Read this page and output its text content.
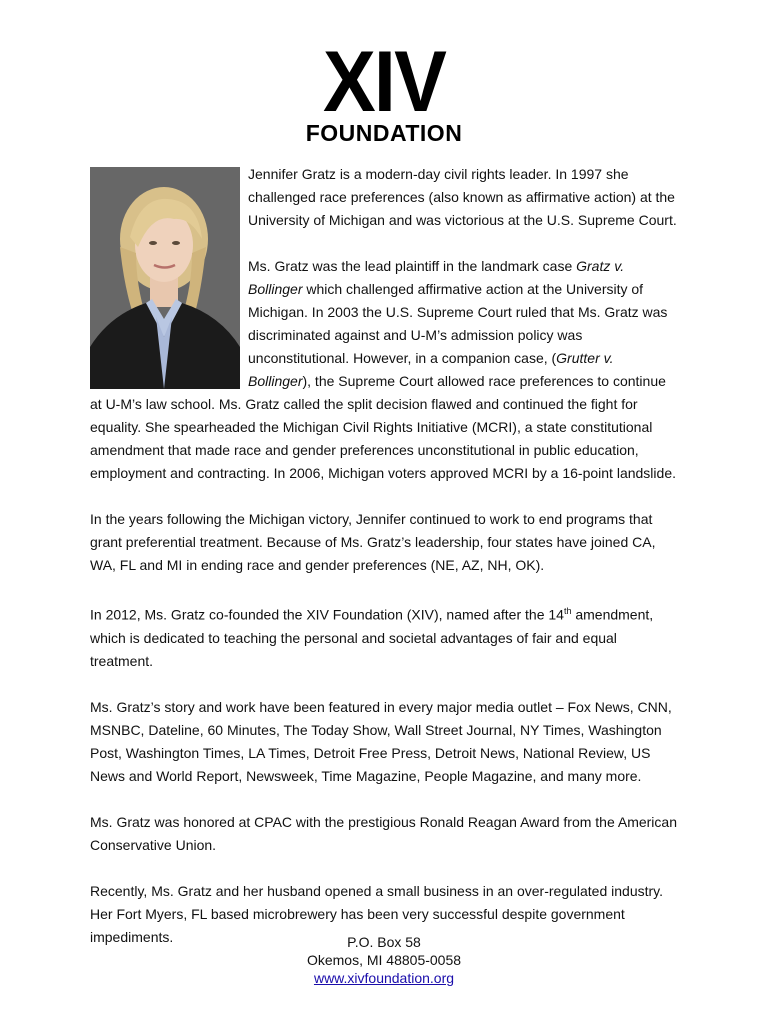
XIV
FOUNDATION

Jennifer Gratz is a modern-day civil rights leader. In 1997 she challenged race preferences (also known as affirmative action) at the University of Michigan and was victorious at the U.S. Supreme Court.

Ms. Gratz was the lead plaintiff in the landmark case Gratz v. Bollinger which challenged affirmative action at the University of Michigan. In 2003 the U.S. Supreme Court ruled that Ms. Gratz was discriminated against and U-M’s admission policy was unconstitutional. However, in a companion case, (Grutter v. Bollinger), the Supreme Court allowed race preferences to continue at U-M’s law school. Ms. Gratz called the split decision flawed and continued the fight for equality. She spearheaded the Michigan Civil Rights Initiative (MCRI), a state constitutional amendment that made race and gender preferences unconstitutional in public education, employment and contracting. In 2006, Michigan voters approved MCRI by a 16-point landslide.

In the years following the Michigan victory, Jennifer continued to work to end programs that grant preferential treatment. Because of Ms. Gratz’s leadership, four states have joined CA, WA, FL and MI in ending race and gender preferences (NE, AZ, NH, OK).

In 2012, Ms. Gratz co-founded the XIV Foundation (XIV), named after the 14th amendment, which is dedicated to teaching the personal and societal advantages of fair and equal treatment.

Ms. Gratz’s story and work have been featured in every major media outlet – Fox News, CNN, MSNBC, Dateline, 60 Minutes, The Today Show, Wall Street Journal, NY Times, Washington Post, Washington Times, LA Times, Detroit Free Press, Detroit News, National Review, US News and World Report, Newsweek, Time Magazine, People Magazine, and many more.

Ms. Gratz was honored at CPAC with the prestigious Ronald Reagan Award from the American Conservative Union.

Recently, Ms. Gratz and her husband opened a small business in an over-regulated industry. Her Fort Myers, FL based microbrewery has been very successful despite government impediments.	P.O. Box 58
Okemos, MI 48805-0058
www.xivfoundation.org
